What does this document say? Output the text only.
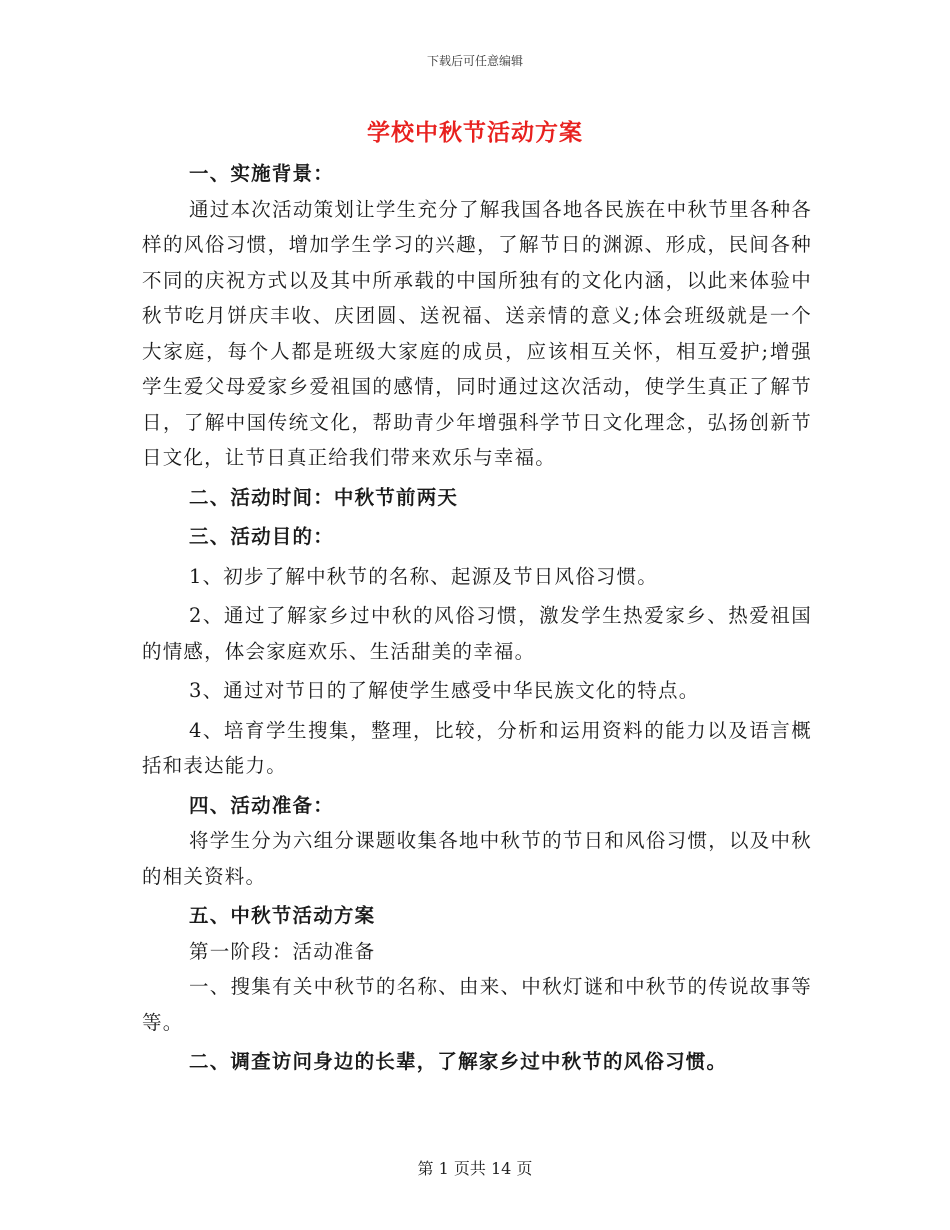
下载后可任意编辑
学校中秋节活动方案

一、实施背景：

通过本次活动策划让学生充分了解我国各地各民族在中秋节里各种各样的风俗习惯，增加学生学习的兴趣，了解节日的渊源、形成，民间各种不同的庆祝方式以及其中所承载的中国所独有的文化内涵，以此来体验中秋节吃月饼庆丰收、庆团圆、送祝福、送亲情的意义;体会班级就是一个大家庭，每个人都是班级大家庭的成员，应该相互关怀，相互爱护;增强学生爱父母爱家乡爱祖国的感情，同时通过这次活动，使学生真正了解节日，了解中国传统文化，帮助青少年增强科学节日文化理念，弘扬创新节日文化，让节日真正给我们带来欢乐与幸福。

二、活动时间：中秋节前两天

三、活动目的：

1、初步了解中秋节的名称、起源及节日风俗习惯。

2、通过了解家乡过中秋的风俗习惯，激发学生热爱家乡、热爱祖国的情感，体会家庭欢乐、生活甜美的幸福。

3、通过对节日的了解使学生感受中华民族文化的特点。

4、培育学生搜集，整理，比较，分析和运用资料的能力以及语言概括和表达能力。

四、活动准备：

将学生分为六组分课题收集各地中秋节的节日和风俗习惯，以及中秋的相关资料。

五、中秋节活动方案

第一阶段：活动准备

一、搜集有关中秋节的名称、由来、中秋灯谜和中秋节的传说故事等等。

二、调查访问身边的长辈，了解家乡过中秋节的风俗习惯。

第 1 页共 14 页
